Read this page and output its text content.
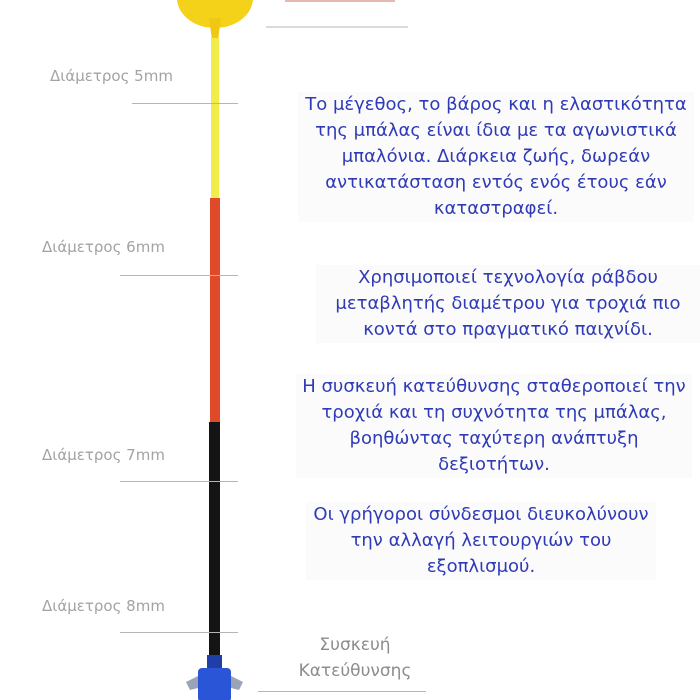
Διάμετρος 5mm
Διάμετρος 6mm
Διάμετρος 7mm
Διάμετρος 8mm
Το μέγεθος, το βάρος και η ελαστικότητα της μπάλας είναι ίδια με τα αγωνιστικά μπαλόνια. Διάρκεια ζωής, δωρεάν αντικατάσταση εντός ενός έτους εάν καταστραφεί.
Χρησιμοποιεί τεχνολογία ράβδου μεταβλητής διαμέτρου για τροχιά πιο κοντά στο πραγματικό παιχνίδι.
Η συσκευή κατεύθυνσης σταθεροποιεί την τροχιά και τη συχνότητα της μπάλας, βοηθώντας ταχύτερη ανάπτυξη δεξιοτήτων.
Οι γρήγοροι σύνδεσμοι διευκολύνουν την αλλαγή λειτουργιών του εξοπλισμού.
Συσκευή Κατεύθυνσης
